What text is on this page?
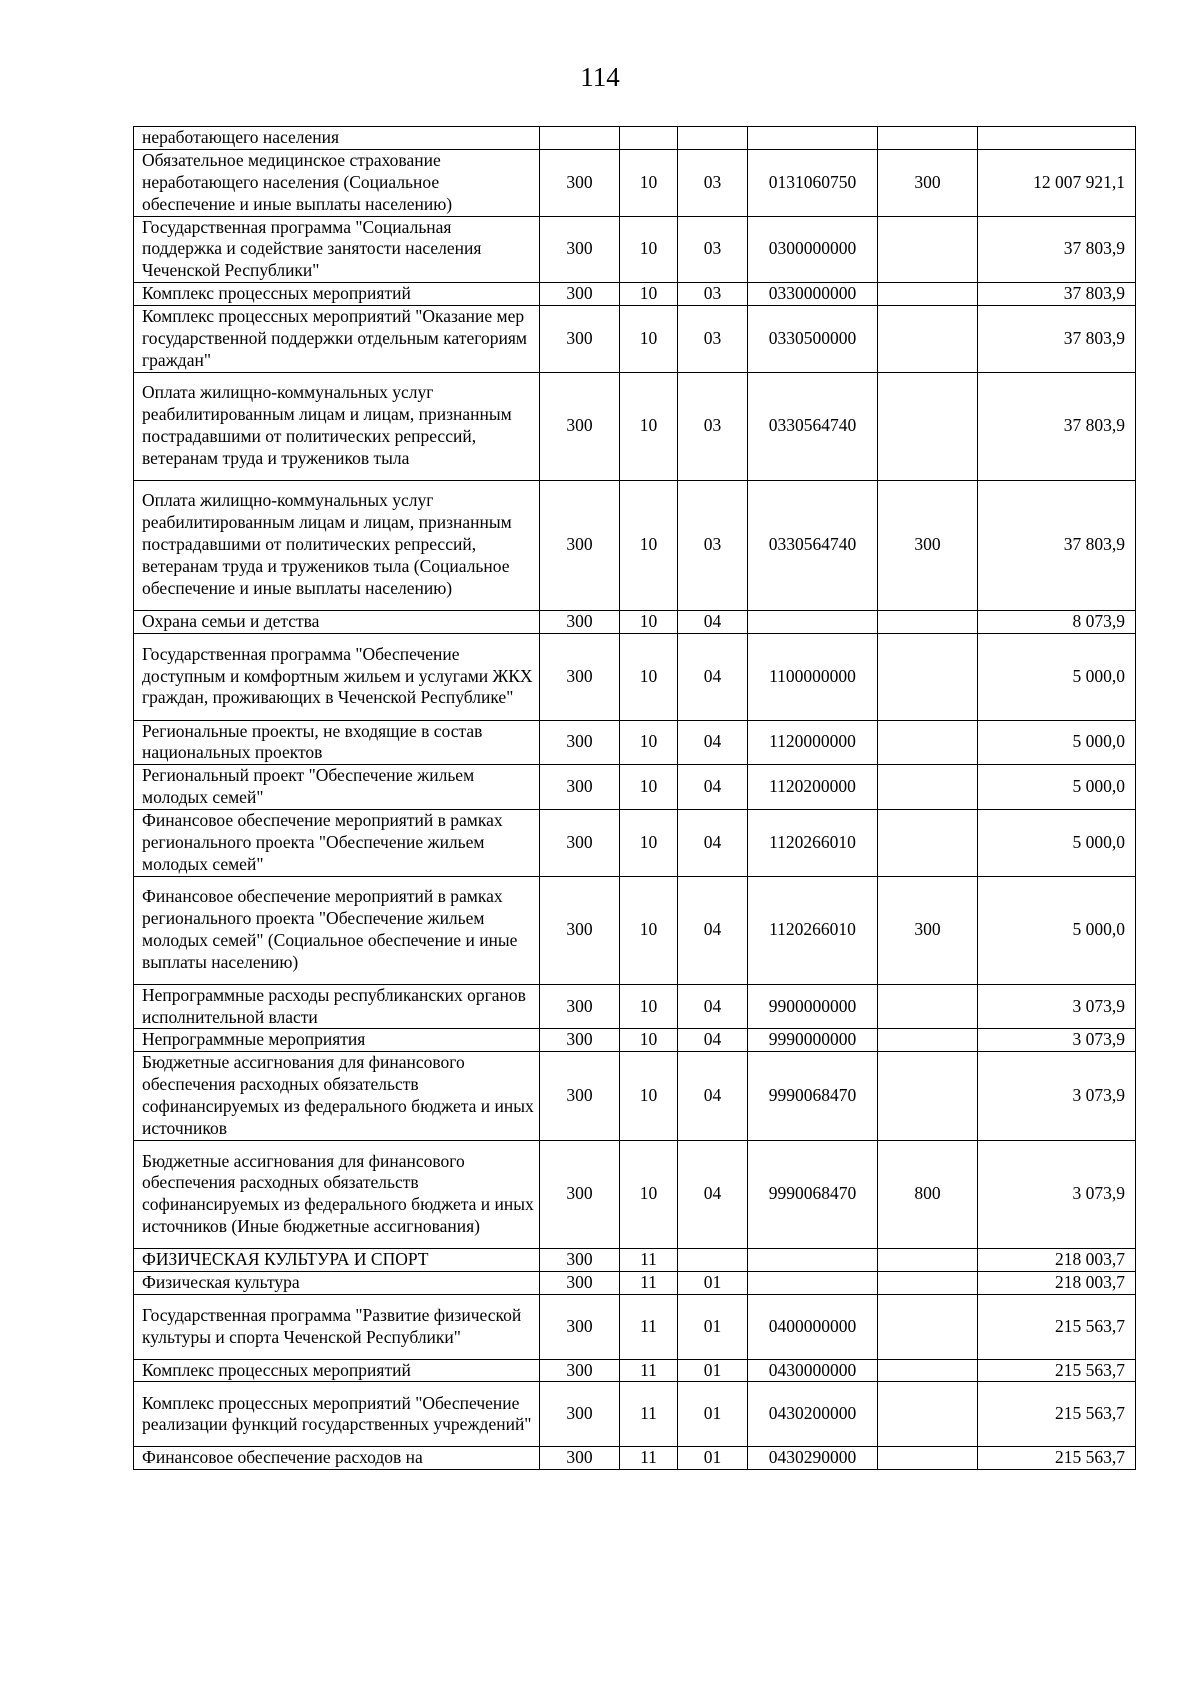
114
неработающего населения						
Обязательное медицинское страхование неработающего населения (Социальное обеспечение и иные выплаты населению)	300	10	03	0131060750	300	12 007 921,1
Государственная программа "Социальная поддержка и содействие занятости населения Чеченской Республики"	300	10	03	0300000000		37 803,9
Комплекс процессных мероприятий	300	10	03	0330000000		37 803,9
Комплекс процессных мероприятий "Оказание мер государственной поддержки отдельным категориям граждан"	300	10	03	0330500000		37 803,9
Оплата жилищно-коммунальных услуг реабилитированным лицам и лицам, признанным пострадавшими от политических репрессий, ветеранам труда и тружеников тыла	300	10	03	0330564740		37 803,9
Оплата жилищно-коммунальных услуг реабилитированным лицам и лицам, признанным пострадавшими от политических репрессий, ветеранам труда и тружеников тыла (Социальное обеспечение и иные выплаты населению)	300	10	03	0330564740	300	37 803,9
Охрана семьи и детства	300	10	04			8 073,9
Государственная программа "Обеспечение доступным и комфортным жильем и услугами ЖКХ граждан, проживающих в Чеченской Республике"	300	10	04	1100000000		5 000,0
Региональные проекты, не входящие в состав национальных проектов	300	10	04	1120000000		5 000,0
Региональный проект "Обеспечение жильем молодых семей"	300	10	04	1120200000		5 000,0
Финансовое обеспечение мероприятий в рамках регионального проекта "Обеспечение жильем молодых семей"	300	10	04	1120266010		5 000,0
Финансовое обеспечение мероприятий в рамках регионального проекта "Обеспечение жильем молодых семей" (Социальное обеспечение и иные выплаты населению)	300	10	04	1120266010	300	5 000,0
Непрограммные расходы республиканских органов исполнительной власти	300	10	04	9900000000		3 073,9
Непрограммные мероприятия	300	10	04	9990000000		3 073,9
Бюджетные ассигнования для финансового обеспечения расходных обязательств софинансируемых из федерального бюджета и иных источников	300	10	04	9990068470		3 073,9
Бюджетные ассигнования для финансового обеспечения расходных обязательств софинансируемых из федерального бюджета и иных источников (Иные бюджетные ассигнования)	300	10	04	9990068470	800	3 073,9
ФИЗИЧЕСКАЯ КУЛЬТУРА И СПОРТ	300	11				218 003,7
Физическая культура	300	11	01			218 003,7
Государственная программа "Развитие физической культуры и спорта Чеченской Республики"	300	11	01	0400000000		215 563,7
Комплекс процессных мероприятий	300	11	01	0430000000		215 563,7
Комплекс процессных мероприятий "Обеспечение реализации функций государственных учреждений"	300	11	01	0430200000		215 563,7
Финансовое обеспечение расходов на	300	11	01	0430290000		215 563,7
